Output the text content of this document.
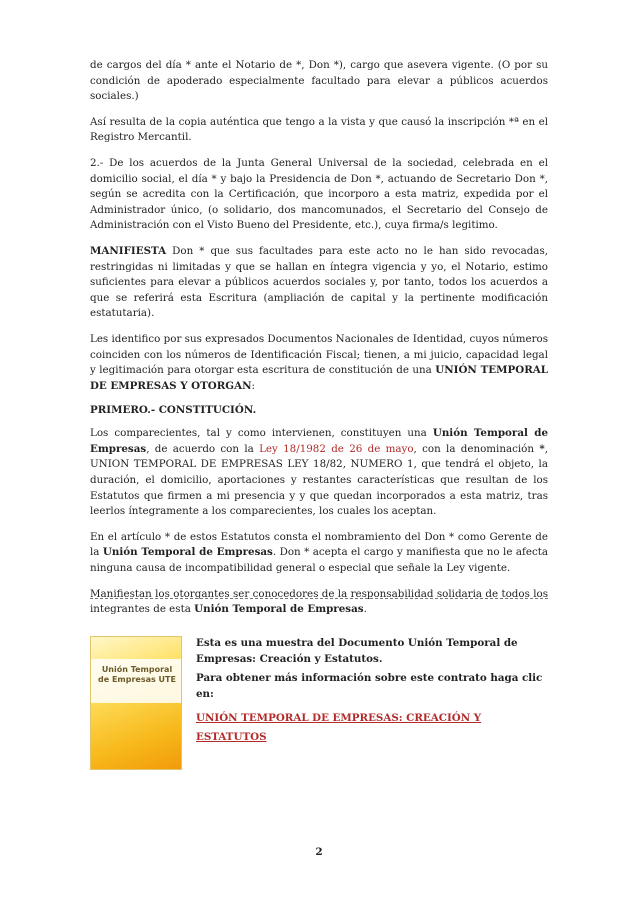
de cargos del día * ante el Notario de *, Don *), cargo que asevera vigente. (O por su condición de apoderado especialmente facultado para elevar a públicos acuerdos sociales.)

Así resulta de la copia auténtica que tengo a la vista y que causó la inscripción *ª en el Registro Mercantil.

2.- De los acuerdos de la Junta General Universal de la sociedad, celebrada en el domicilio social, el día * y bajo la Presidencia de Don *, actuando de Secretario Don *, según se acredita con la Certificación, que incorporo a esta matriz, expedida por el Administrador único, (o solidario, dos mancomunados, el Secretario del Consejo de Administración con el Visto Bueno del Presidente, etc.), cuya firma/s legitimo.

MANIFIESTA Don * que sus facultades para este acto no le han sido revocadas, restringidas ni limitadas y que se hallan en íntegra vigencia y yo, el Notario, estimo suficientes para elevar a públicos acuerdos sociales y, por tanto, todos los acuerdos a que se referirá esta Escritura (ampliación de capital y la pertinente modificación estatutaria).

Les identifico por sus expresados Documentos Nacionales de Identidad, cuyos números coinciden con los números de Identificación Fiscal; tienen, a mi juicio, capacidad legal y legitimación para otorgar esta escritura de constitución de una UNIÓN TEMPORAL DE EMPRESAS Y OTORGAN:

PRIMERO.- CONSTITUCIÓN.

Los comparecientes, tal y como intervienen, constituyen una Unión Temporal de Empresas, de acuerdo con la Ley 18/1982 de 26 de mayo, con la denominación *, UNION TEMPORAL DE EMPRESAS LEY 18/82, NUMERO 1, que tendrá el objeto, la duración, el domicilio, aportaciones y restantes características que resultan de los Estatutos que firmen a mi presencia y y que quedan incorporados a esta matriz, tras leerlos íntegramente a los comparecientes, los cuales los aceptan.

En el artículo * de estos Estatutos consta el nombramiento del Don * como Gerente de la Unión Temporal de Empresas. Don * acepta el cargo y manifiesta que no le afecta ninguna causa de incompatibilidad general o especial que señale la Ley vigente.

Manifiestan los otorgantes ser conocedores de la responsabilidad solidaria de todos los integrantes de esta Unión Temporal de Empresas.

Unión Temporal de Empresas UTE

Esta es una muestra del Documento Unión Temporal de Empresas: Creación y Estatutos.

Para obtener más información sobre este contrato haga clic en:

UNIÓN TEMPORAL DE EMPRESAS: CREACIÓN Y ESTATUTOS
2
